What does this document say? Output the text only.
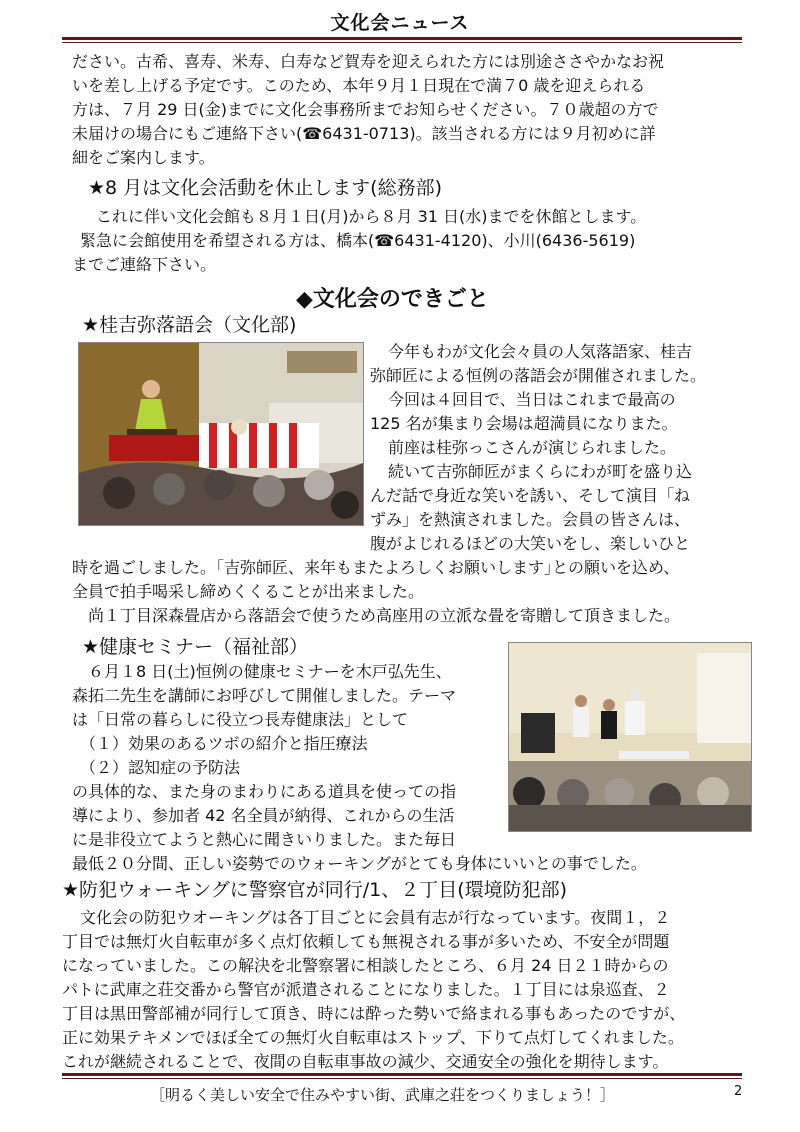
文化会ニュース

ださい。古希、喜寿、米寿、白寿など賀寿を迎えられた方には別途ささやかなお祝

いを差し上げる予定です。このため、本年９月１日現在で満７0 歳を迎えられる

方は、７月 29 日(金)までに文化会事務所までお知らせください。７０歳超の方で

未届けの場合にもご連絡下さい(☎6431-0713)。該当される方には９月初めに詳

細をご案内します。

★8 月は文化会活動を休止します(総務部)

これに伴い文化会館も８月１日(月)から８月 31 日(水)までを休館とします。

緊急に会館使用を希望される方は、橋本(☎6431-4120)、小川(6436-5619)

までご連絡下さい。

◆文化会のできごと
★桂吉弥落語会（文化部)

今年もわが文化会々員の人気落語家、桂吉

弥師匠による恒例の落語会が開催されました。

今回は４回目で、当日はこれまで最高の

125 名が集まり会場は超満員になりまた。

前座は桂弥っこさんが演じられました。

続いて吉弥師匠がまくらにわが町を盛り込

んだ話で身近な笑いを誘い、そして演目「ね

ずみ」を熱演されました。会員の皆さんは、

腹がよじれるほどの大笑いをし、楽しいひと

時を過ごしました。｢吉弥師匠、来年もまたよろしくお願いします｣との願いを込め、

全員で拍手喝采し締めくくることが出来ました。

尚１丁目深森畳店から落語会で使うため高座用の立派な畳を寄贈して頂きました。

★健康セミナー（福祉部）

６月１8 日(土)恒例の健康セミナーを木戸弘先生、

森拓二先生を講師にお呼びして開催しました。テーマ

は「日常の暮らしに役立つ長寿健康法」として

（１）効果のあるツボの紹介と指圧療法

（２）認知症の予防法

の具体的な、また身のまわりにある道具を使っての指

導により、参加者 42 名全員が納得、これからの生活

に是非役立てようと熱心に聞きいりました。また毎日

最低２０分間、正しい姿勢でのウォーキングがとても身体にいいとの事でした。

★防犯ウォーキングに警察官が同行/1、２丁目(環境防犯部)

文化会の防犯ウオーキングは各丁目ごとに会員有志が行なっています。夜間１，２

丁目では無灯火自転車が多く点灯依頼しても無視される事が多いため、不安全が問題

になっていました。この解決を北警察署に相談したところ、６月 24 日２１時からの

パトに武庫之荘交番から警官が派遣されることになりました。１丁目には泉巡査、２

丁目は黒田警部補が同行して頂き、時には酔った勢いで絡まれる事もあったのですが、

正に効果テキメンでほぼ全ての無灯火自転車はストップ、下りて点灯してくれました。

これが継続されることで、夜間の自転車事故の減少、交通安全の強化を期待します。

［明るく美しい安全で住みやすい街、武庫之荘をつくりましょう！］	2
